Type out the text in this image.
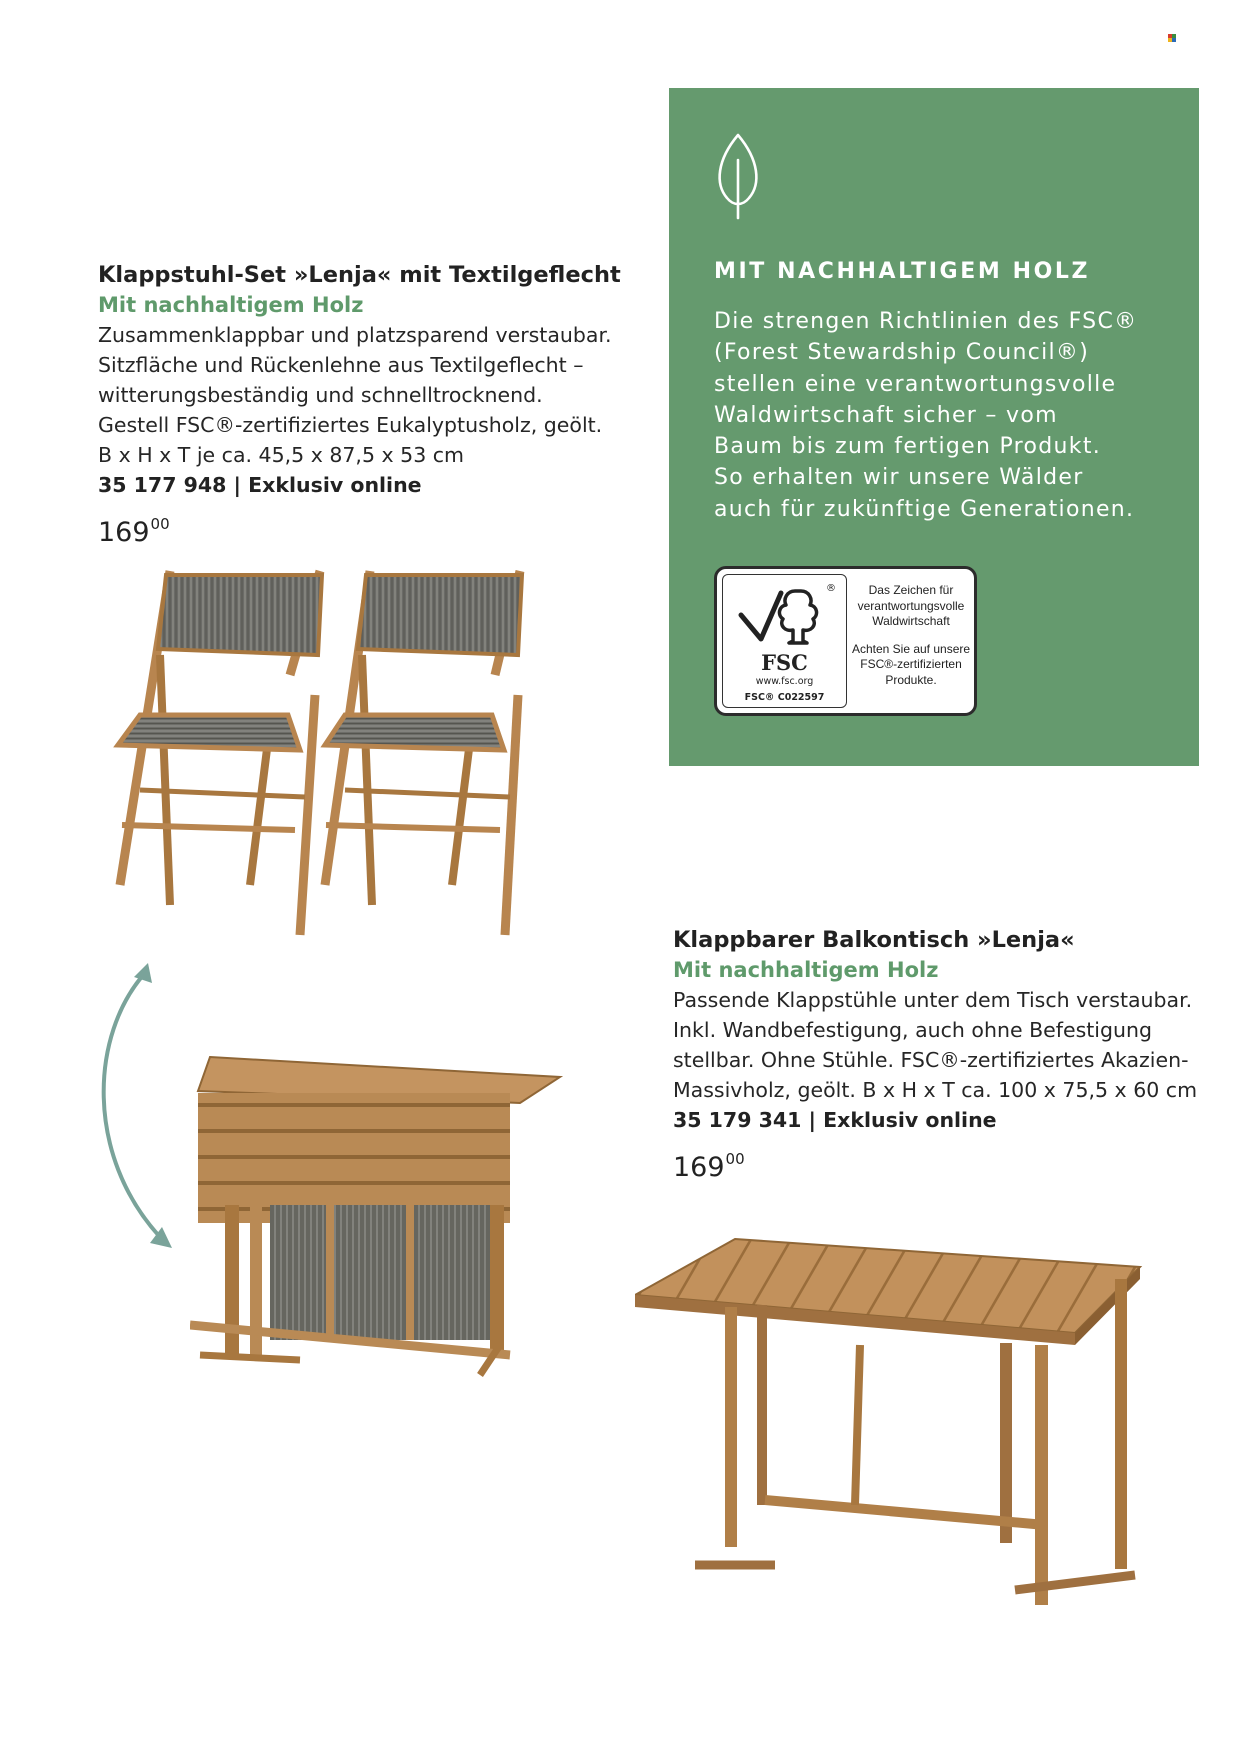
Klappstuhl-Set »Lenja« mit Textilgeflecht
Mit nachhaltigem Holz
Zusammenklappbar und platzsparend verstaubar.
Sitzfläche und Rückenlehne aus Textilgeflecht –
witterungsbeständig und schnelltrocknend.
Gestell FSC®-zertifiziertes Eukalyptusholz, geölt.
B x H x T je ca. 45,5 x 87,5 x 53 cm
35 177 948 | Exklusiv online
$169^{00}$
MIT NACHHALTIGEM HOLZ
Die strengen Richtlinien des FSC®
(Forest Stewardship Council®)
stellen eine verantwortungsvolle
Waldwirtschaft sicher – vom
Baum bis zum fertigen Produkt.
So erhalten wir unsere Wälder
auch für zukünftige Generationen.
®
FSC
www.fsc.org
FSC® C022597
Das Zeichen für
verantwortungsvolle
Waldwirtschaft
Achten Sie auf unsere
FSC®-zertifizierten
Produkte.
Klappbarer Balkontisch »Lenja«
Mit nachhaltigem Holz
Passende Klappstühle unter dem Tisch verstaubar.
Inkl. Wandbefestigung, auch ohne Befestigung
stellbar. Ohne Stühle. FSC®-zertifiziertes Akazien-
Massivholz, geölt. B x H x T ca. 100 x 75,5 x 60 cm
35 179 341 | Exklusiv online
$169^{00}$
